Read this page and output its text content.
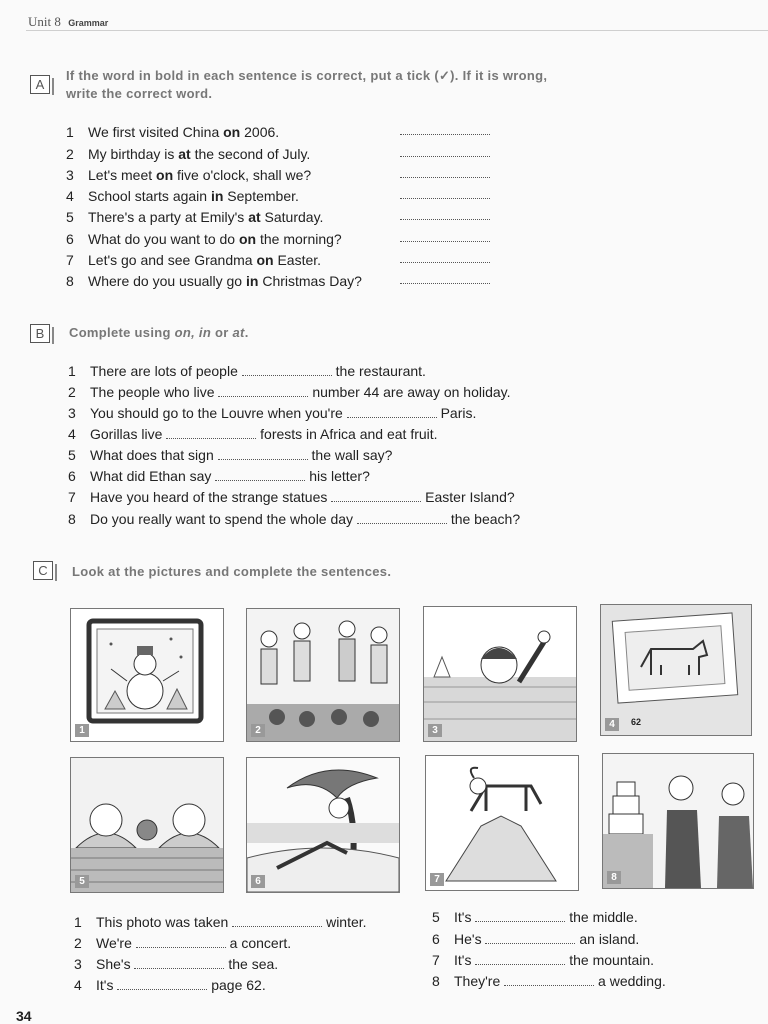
Unit 8 Grammar
A
If the word in bold in each sentence is correct, put a tick (✓). If it is wrong,
write the correct word.
1 We first visited China on 2006.
2 My birthday is at the second of July.
3 Let's meet on five o'clock, shall we?
4 School starts again in September.
5 There's a party at Emily's at Saturday.
6 What do you want to do on the morning?
7 Let's go and see Grandma on Easter.
8 Where do you usually go in Christmas Day?
B	Complete using on, in or at.
1 There are lots of people	the restaurant.
2 The people who live	number 44 are away on holiday.
3 You should go to the Louvre when you're	Paris.
4 Gorillas live	forests in Africa and eat fruit.
5 What does that sign	the wall say?
6 What did Ethan say	his letter?
7 Have you heard of the strange statues	Easter Island?
8 Do you really want to spend the whole day	the beach?
C	Look at the pictures and complete the sentences.
1	2	3
62
4
5	6	7	8
1 This photo was taken	winter.
2 We're	a concert.
3 She's	the sea.
4 It's	page 62.
5 It's	the middle.
6 He's	an island.
7 It's	the mountain.
8 They're	a wedding.
34
